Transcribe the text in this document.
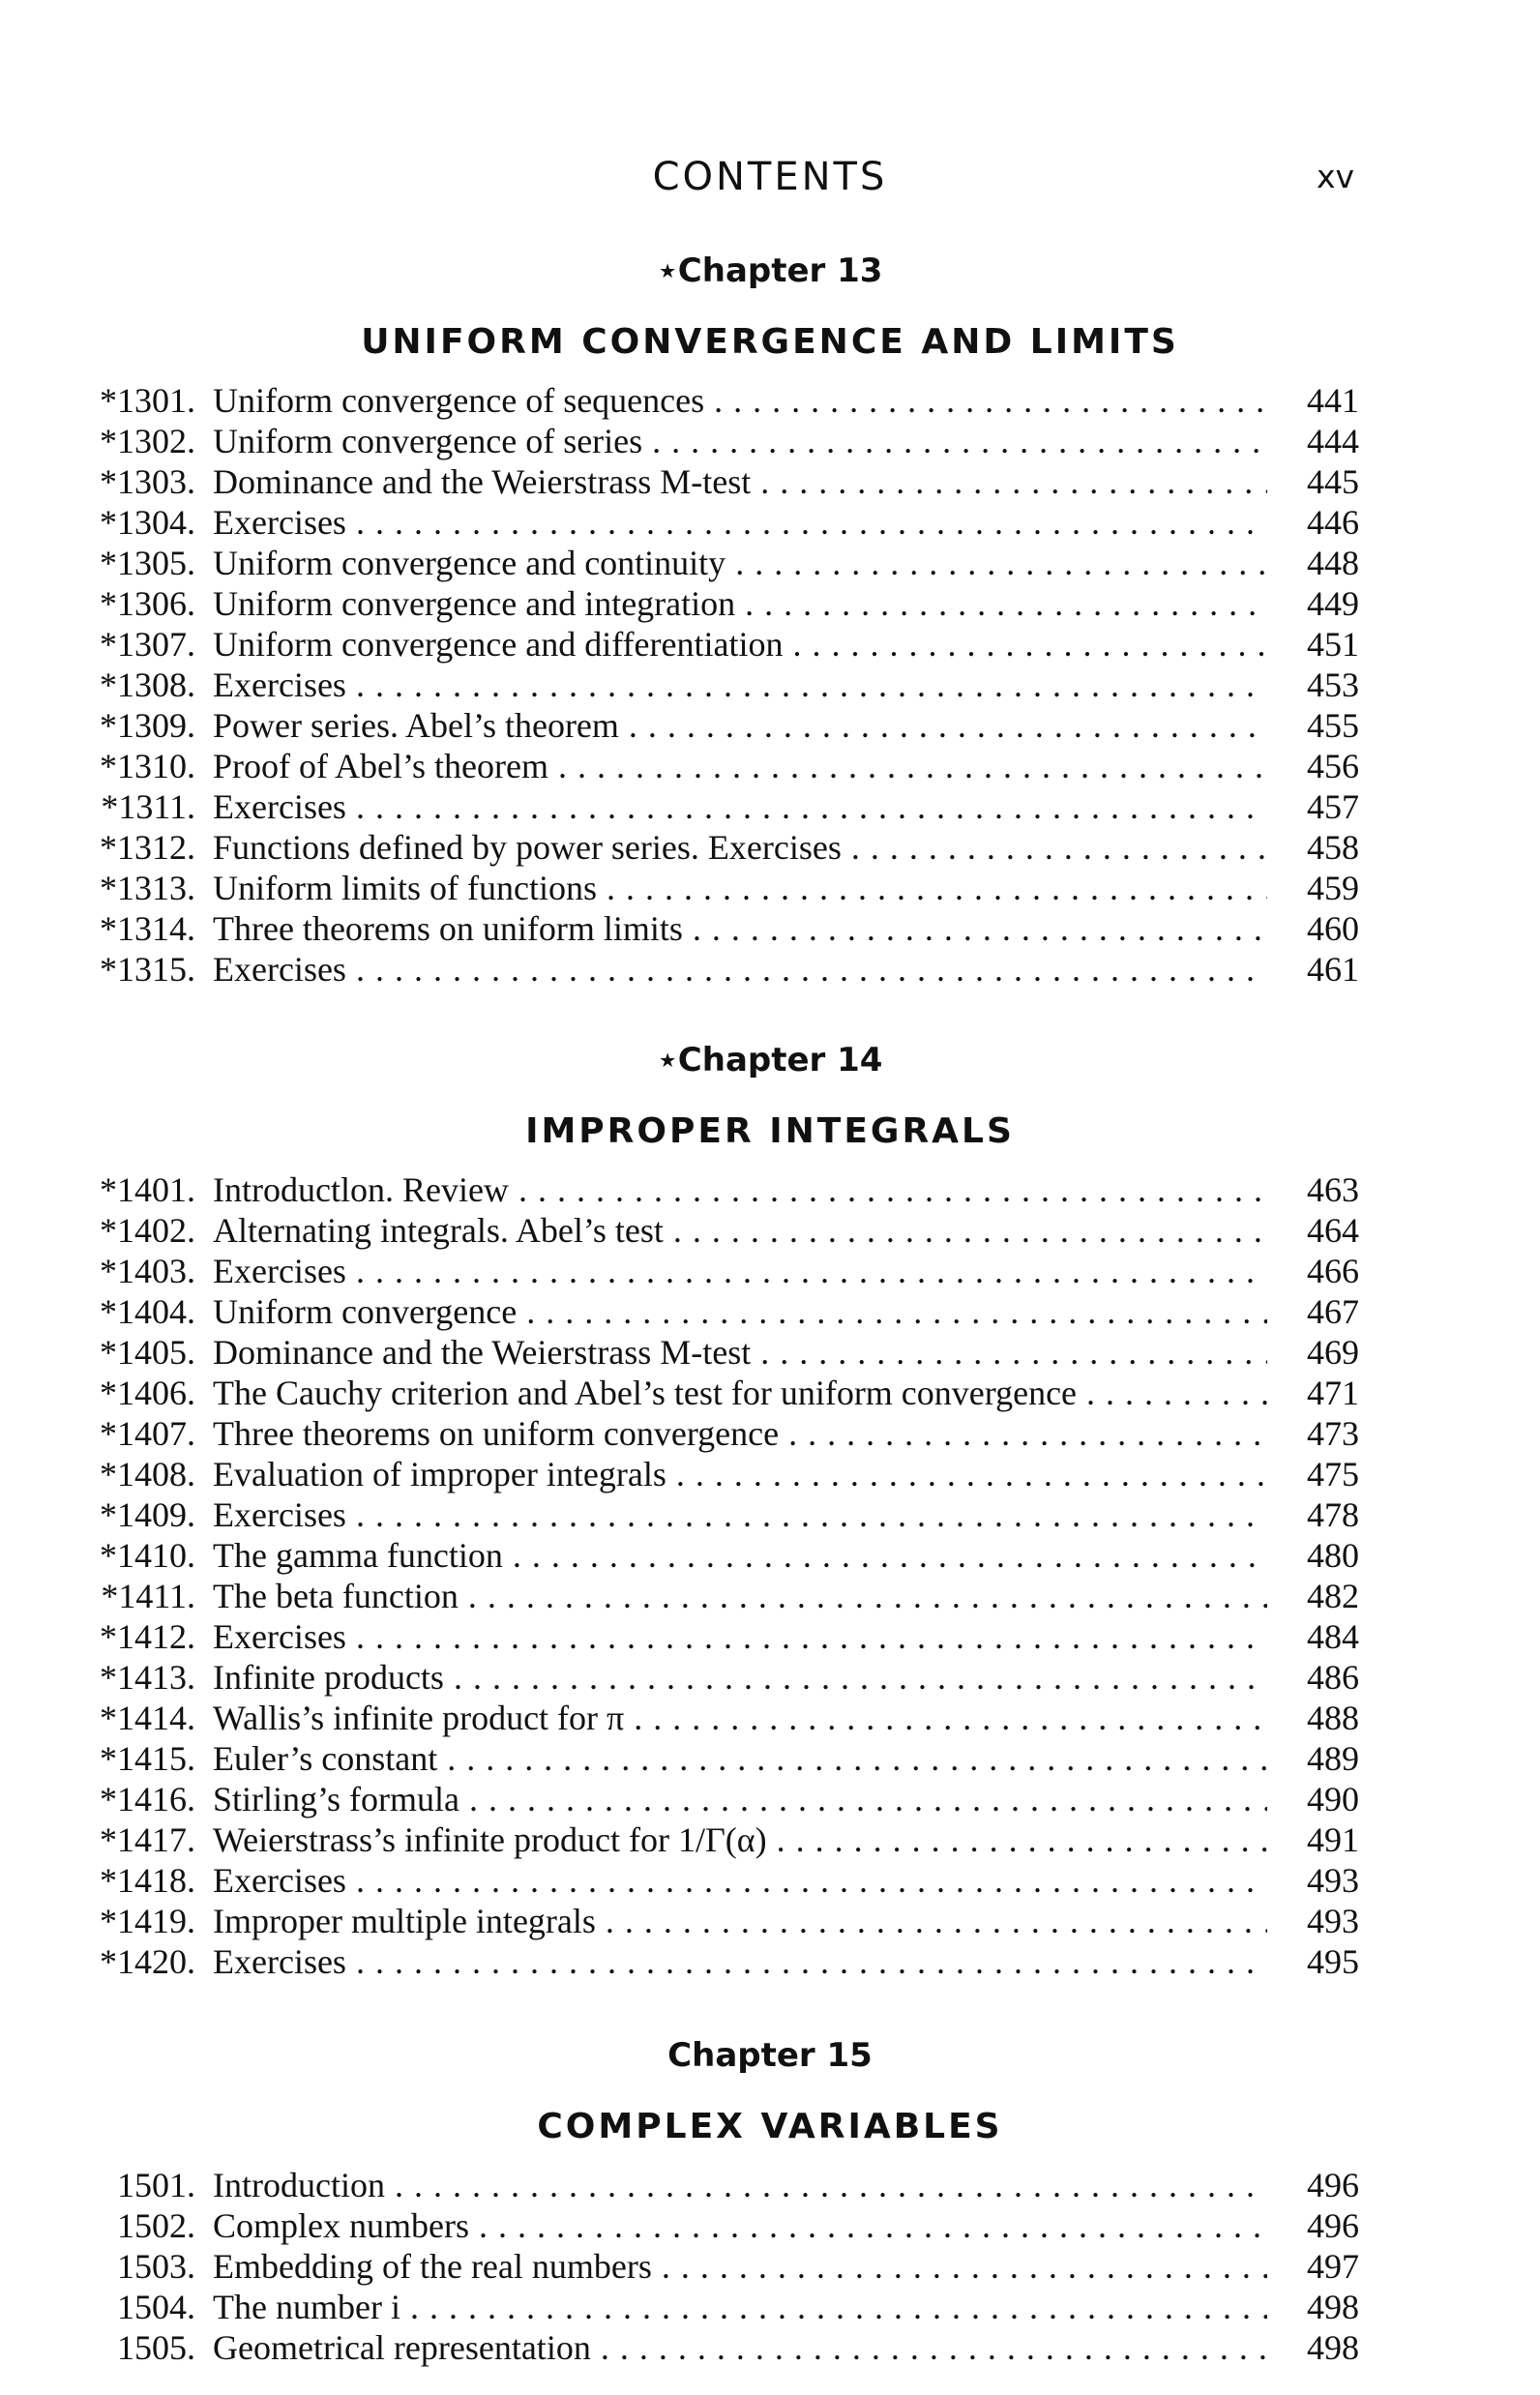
CONTENTS	xv
⋆Chapter 13
UNIFORM CONVERGENCE AND LIMITS
*1301. Uniform convergence of sequences . . .	441
*1302. Uniform convergence of series . . .	444
*1303. Dominance and the Weierstrass M-test . . .	445
*1304. Exercises . . .	446
*1305. Uniform convergence and continuity . . .	448
*1306. Uniform convergence and integration . . .	449
*1307. Uniform convergence and differentiation . . .	451
*1308. Exercises . . .	453
*1309. Power series. Abel’s theorem . . .	455
*1310. Proof of Abel’s theorem . . .	456
*1311. Exercises . . .	457
*1312. Functions defined by power series. Exercises . . .	458
*1313. Uniform limits of functions . . .	459
*1314. Three theorems on uniform limits . . .	460
*1315. Exercises . . .	461
⋆Chapter 14
IMPROPER INTEGRALS
*1401. Introductlon. Review . . .	463
*1402. Alternating integrals. Abel’s test . . .	464
*1403. Exercises . . .	466
*1404. Uniform convergence . . .	467
*1405. Dominance and the Weierstrass M-test . . .	469
*1406. The Cauchy criterion and Abel’s test for uniform convergence . . .	471
*1407. Three theorems on uniform convergence . . .	473
*1408. Evaluation of improper integrals . . .	475
*1409. Exercises . . .	478
*1410. The gamma function . . .	480
*1411. The beta function . . .	482
*1412. Exercises . . .	484
*1413. Infinite products . . .	486
*1414. Wallis’s infinite product for π . . .	488
*1415. Euler’s constant . . .	489
*1416. Stirling’s formula . . .	490
*1417. Weierstrass’s infinite product for 1/Γ(α) . . .	491
*1418. Exercises . . .	493
*1419. Improper multiple integrals . . .	493
*1420. Exercises . . .	495
Chapter 15
COMPLEX VARIABLES
1501. Introduction . . .	496
1502. Complex numbers . . .	496
1503. Embedding of the real numbers . . .	497
1504. The number i . . .	498
1505. Geometrical representation . . .	498
